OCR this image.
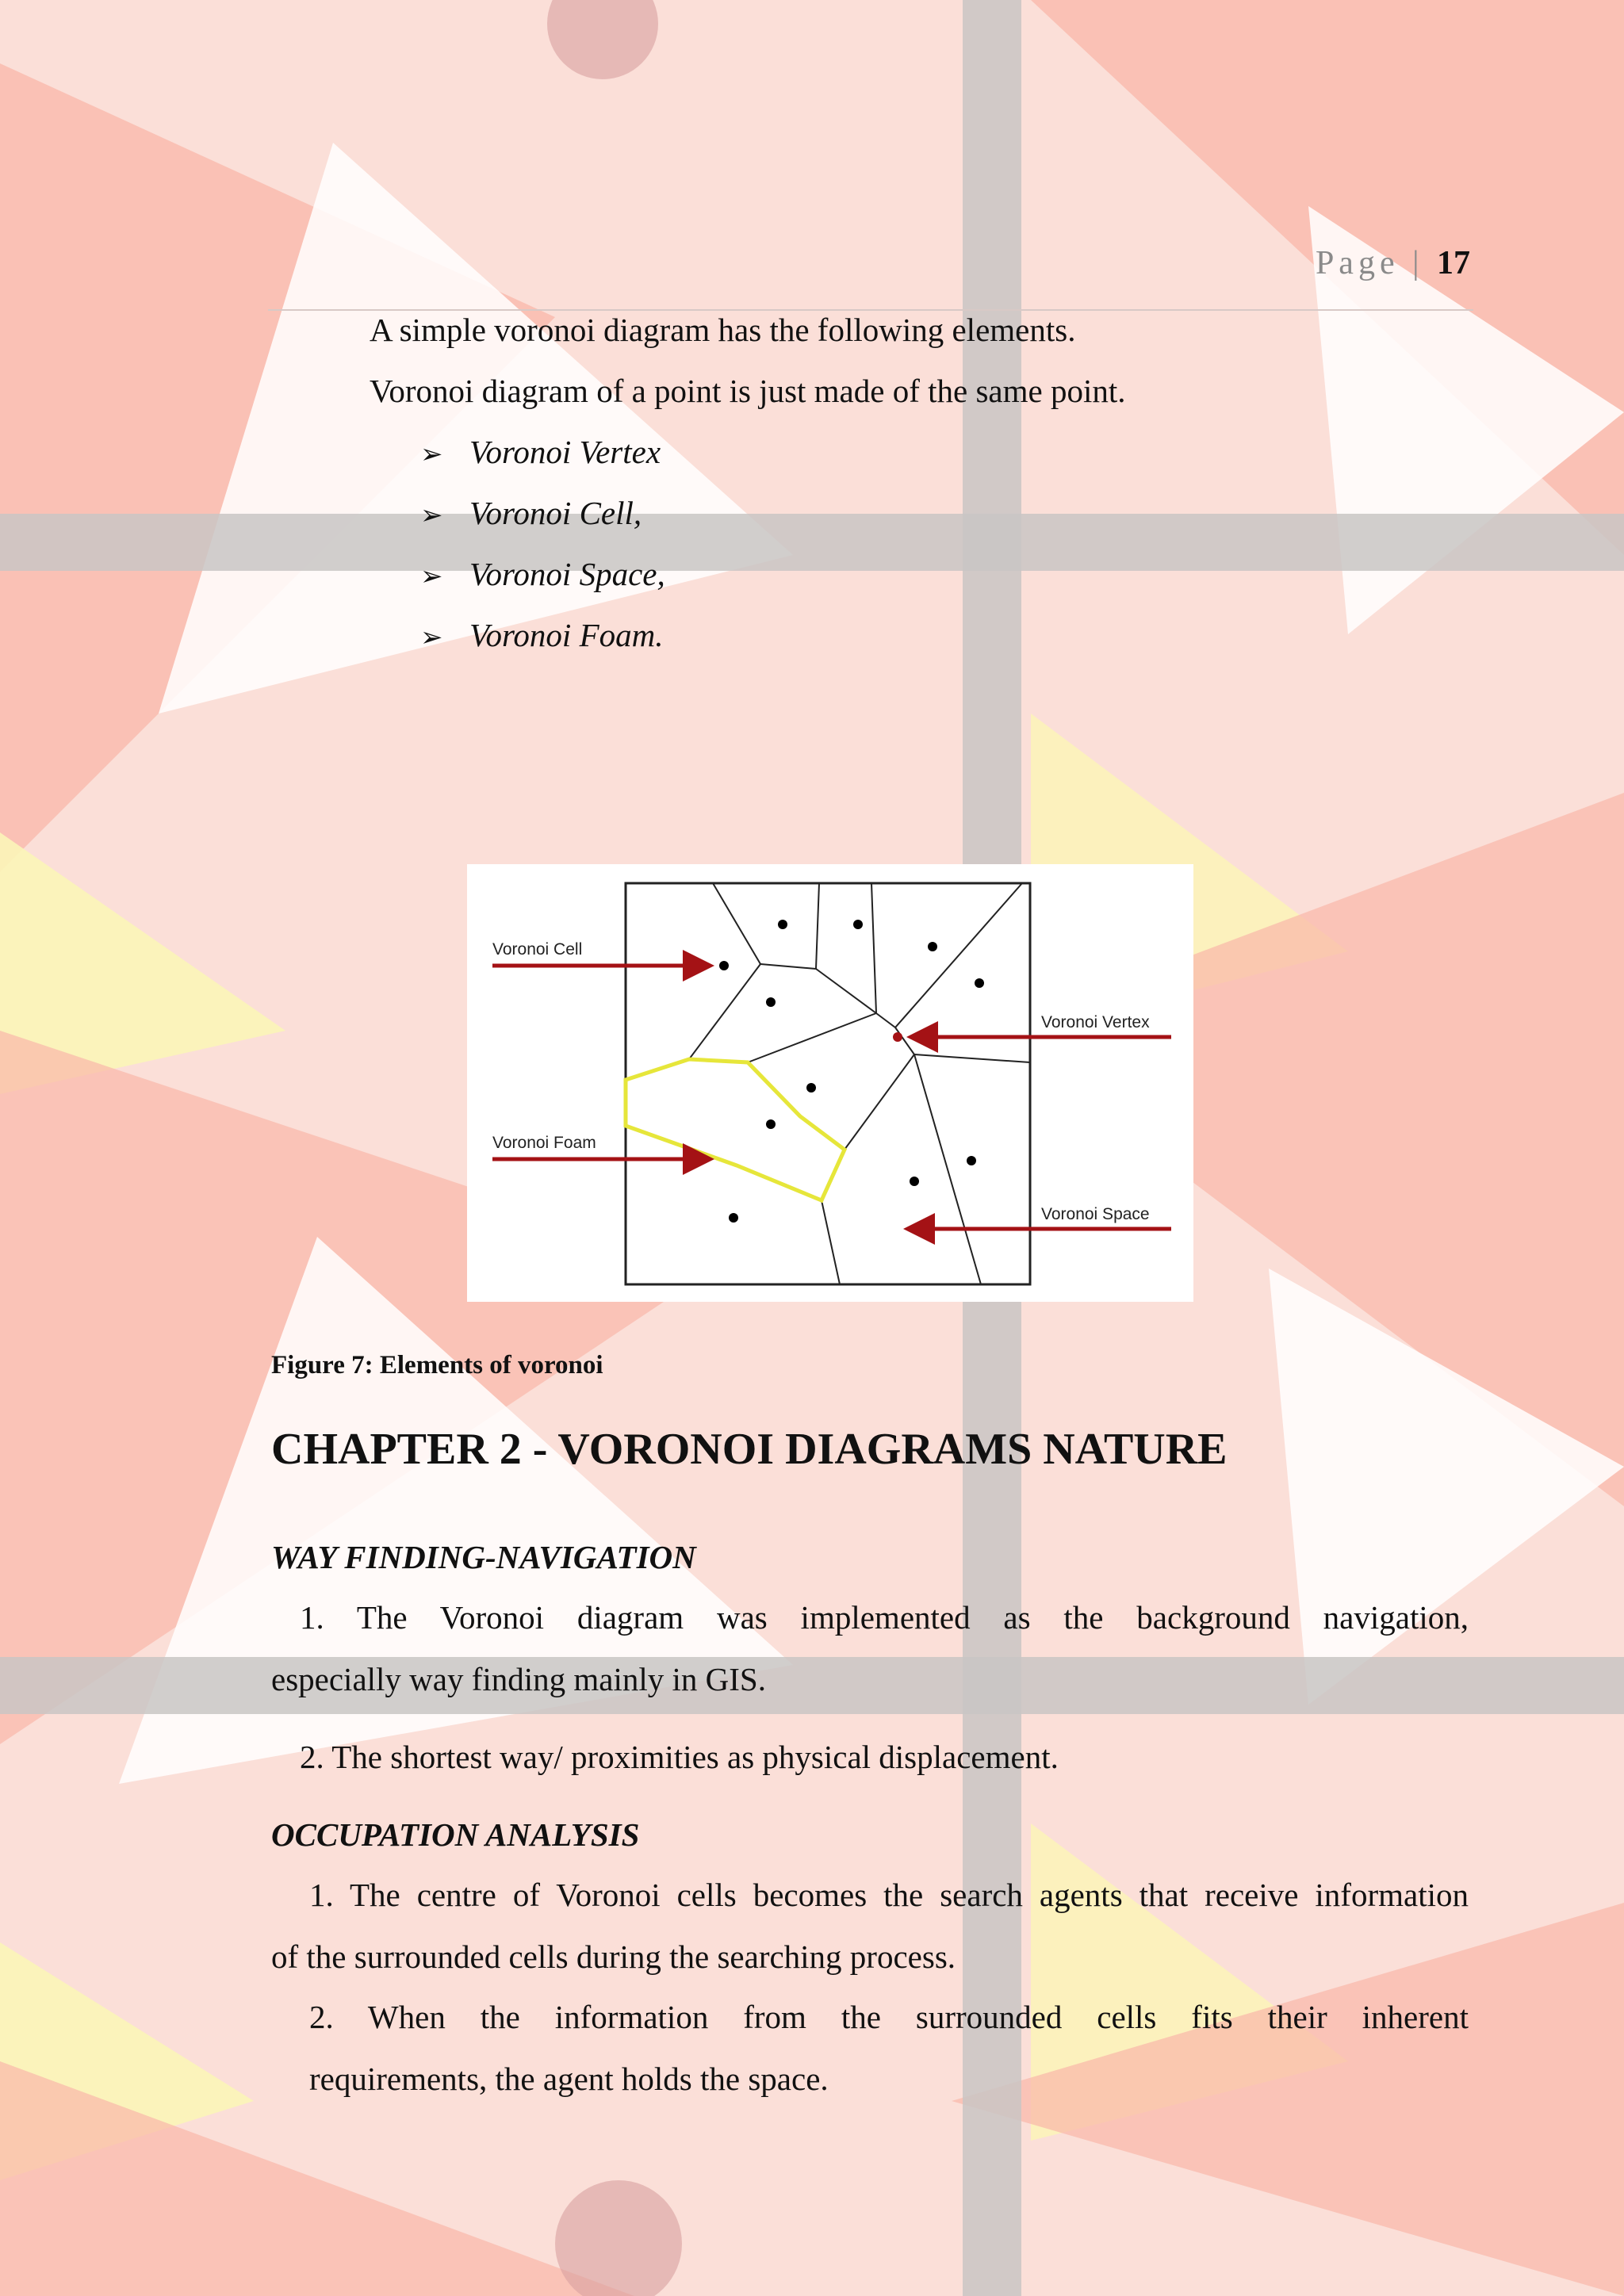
Page | 17
A simple voronoi diagram has the following elements.
Voronoi diagram of a point is just made of the same point.
➢ Voronoi Vertex
➢ Voronoi Cell,
➢ Voronoi Space,
➢ Voronoi Foam.
Voronoi Cell
Voronoi Foam
Voronoi Vertex
Voronoi Space
Figure 7: Elements of voronoi
CHAPTER 2 - VORONOI DIAGRAMS NATURE
WAY FINDING-NAVIGATION
1. The Voronoi diagram was implemented as the background navigation,
especially way finding mainly in GIS.
2. The shortest way/ proximities as physical displacement.
OCCUPATION ANALYSIS
1. The centre of Voronoi cells becomes the search agents that receive information
of the surrounded cells during the searching process.
2. When the information from the surrounded cells fits their inherent
requirements, the agent holds the space.
